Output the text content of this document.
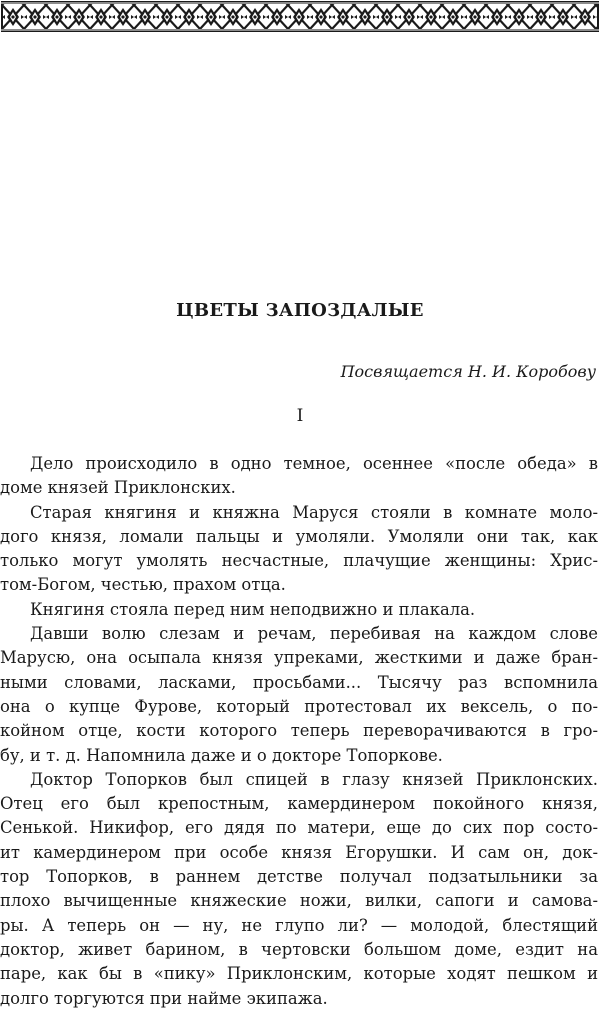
ЦВЕТЫ ЗАПОЗДАЛЫЕ
Посвящается Н. И. Коробову
I
Дело происходило в одно темное, осеннее «после обеда» в
доме князей Приклонских.
Старая княгиня и княжна Маруся стояли в комнате моло-
дого князя, ломали пальцы и умоляли. Умоляли они так, как
только могут умолять несчастные, плачущие женщины: Хрис-
том-Богом, честью, прахом отца.
Княгиня стояла перед ним неподвижно и плакала.
Давши волю слезам и речам, перебивая на каждом слове
Марусю, она осыпала князя упреками, жесткими и даже бран-
ными словами, ласками, просьбами... Тысячу раз вспомнила
она о купце Фурове, который протестовал их вексель, о по-
койном отце, кости которого теперь переворачиваются в гро-
бу, и т. д. Напомнила даже и о докторе Топоркове.
Доктор Топорков был спицей в глазу князей Приклонских.
Отец его был крепостным, камердинером покойного князя,
Сенькой. Никифор, его дядя по матери, еще до сих пор состо-
ит камердинером при особе князя Егорушки. И сам он, док-
тор Топорков, в раннем детстве получал подзатыльники за
плохо вычищенные княжеские ножи, вилки, сапоги и самова-
ры. А теперь он — ну, не глупо ли? — молодой, блестящий
доктор, живет барином, в чертовски большом доме, ездит на
паре, как бы в «пику» Приклонским, которые ходят пешком и
долго торгуются при найме экипажа.
